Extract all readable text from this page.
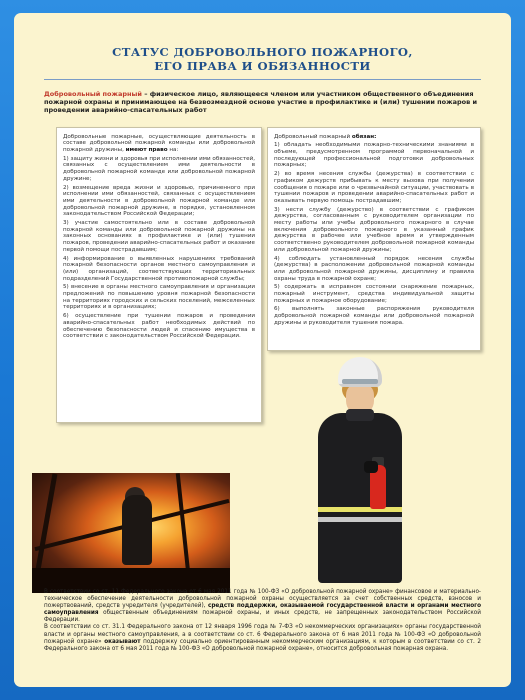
СТАТУС ДОБРОВОЛЬНОГО ПОЖАРНОГО,
ЕГО ПРАВА И ОБЯЗАННОСТИ

Добровольный пожарный – физическое лицо, являющееся членом или участником общественного объединения пожарной охраны и принимающее на безвозмездной основе участие в профилактике и (или) тушении пожаров и проведении аварийно-спасательных работ

Добровольные пожарные, осуществляющие деятельность в составе добровольной пожарной команды или добровольной пожарной дружины, имеют право на:

1) защиту жизни и здоровья при исполнении ими обязанностей, связанных с осуществлением ими деятельности в добровольной пожарной команде или добровольной пожарной дружине;

2) возмещение вреда жизни и здоровью, причиненного при исполнении ими обязанностей, связанных с осуществлением ими деятельности в добровольной пожарной команде или добровольной пожарной дружине, в порядке, установленном законодательством Российской Федерации;

3) участие самостоятельно или в составе добровольной пожарной команды или добровольной пожарной дружины на законных основаниях в профилактике и (или) тушении пожаров, проведении аварийно-спасательных работ и оказание первой помощи пострадавшим;

4) информирование о выявленных нарушениях требований пожарной безопасности органов местного самоуправления и (или) организаций, соответствующих территориальных подразделений Государственной противопожарной службы;

5) внесение в органы местного самоуправления и организации предложений по повышению уровня пожарной безопасности на территориях городских и сельских поселений, межселенных территориях и в организациях;

6) осуществление при тушении пожаров и проведении аварийно-спасательных работ необходимых действий по обеспечению безопасности людей и спасению имущества в соответствии с законодательством Российской Федерации.

Добровольный пожарный обязан:

1) обладать необходимыми пожарно-техническими знаниями в объеме, предусмотренном программой первоначальной и последующей профессиональной подготовки добровольных пожарных;

2) во время несения службы (дежурства) в соответствии с графиком дежурств прибывать к месту вызова при получении сообщения о пожаре или о чрезвычайной ситуации, участвовать в тушении пожаров и проведении аварийно-спасательных работ и оказывать первую помощь пострадавшим;

3) нести службу (дежурство) в соответствии с графиком дежурства, согласованным с руководителем организации по месту работы или учебы добровольного пожарного в случае включения добровольного пожарного в указанный график дежурства в рабочее или учебное время и утвержденным соответственно руководителем добровольной пожарной команды или добровольной пожарной дружины;

4) соблюдать установленный порядок несения службы (дежурства) в расположении добровольной пожарной команды или добровольной пожарной дружины, дисциплину и правила охраны труда в пожарной охране;

5) содержать в исправном состоянии снаряжение пожарных, пожарный инструмент, средства индивидуальной защиты пожарных и пожарное оборудование;

6) выполнять законные распоряжения руководителя добровольной пожарной команды или добровольной пожарной дружины и руководителя тушения пожара.

В соответствии со ст. 11 Федерального закона от 6 мая 2011 года № 100-ФЗ «О добровольной пожарной охране» финансовое и материально-техническое обеспечение деятельности добровольной пожарной охраны осуществляется за счет собственных средств, взносов и пожертвований, средств учредителя (учредителей), средств поддержки, оказываемой государственной власти и органами местного самоуправления общественным объединениям пожарной охраны, и иных средств, не запрещенных законодательством Российской Федерации.

В соответствии со ст. 31.1 Федерального закона от 12 января 1996 года № 7-ФЗ «О некоммерческих организациях» органы государственной власти и органы местного самоуправления, а в соответствии со ст. 6 Федерального закона от 6 мая 2011 года № 100-ФЗ «О добровольной пожарной охране» оказывают поддержку социально ориентированным некоммерческим организациям, к которым в соответствии со ст. 2 Федерального закона от 6 мая 2011 года № 100-ФЗ «О добровольной пожарной охране», относится добровольная пожарная охрана.
